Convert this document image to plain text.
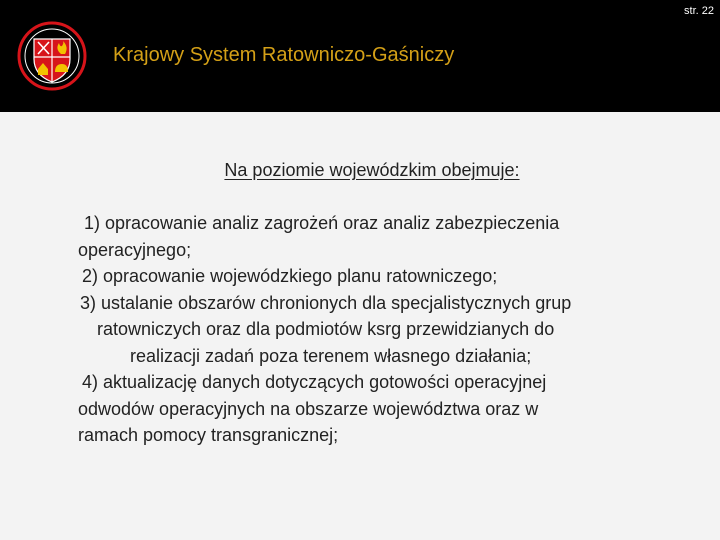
str. 22
Krajowy System Ratowniczo-Gaśniczy
Na poziomie wojewódzkim obejmuje:
1) opracowanie analiz zagrożeń oraz analiz zabezpieczenia
operacyjnego;
2) opracowanie wojewódzkiego planu ratowniczego;
3) ustalanie obszarów chronionych dla specjalistycznych grup
ratowniczych oraz dla podmiotów ksrg przewidzianych do
realizacji zadań poza terenem własnego działania;
4) aktualizację danych dotyczących gotowości operacyjnej
odwodów operacyjnych na obszarze województwa oraz w
ramach pomocy transgranicznej;
